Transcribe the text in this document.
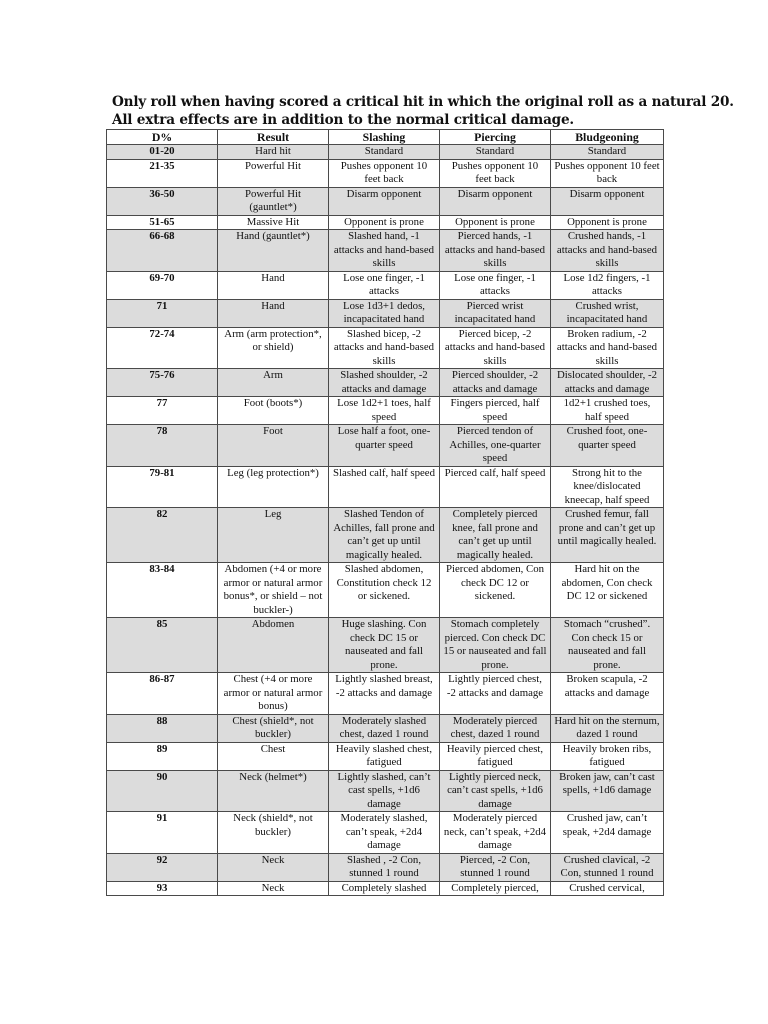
Only roll when having scored a critical hit in which the original roll as a natural 20.
All extra effects are in addition to the normal critical damage.
D%	Result	Slashing	Piercing	Bludgeoning
01-20	Hard hit	Standard	Standard	Standard
21-35	Powerful Hit	Pushes opponent 10 feet back	Pushes opponent 10 feet back	Pushes opponent 10 feet back
36-50	Powerful Hit (gauntlet*)	Disarm opponent	Disarm opponent	Disarm opponent
51-65	Massive Hit	Opponent is prone	Opponent is prone	Opponent is prone
66-68	Hand (gauntlet*)	Slashed hand, -1 attacks and hand-based skills	Pierced hands, -1 attacks and hand-based skills	Crushed hands, -1 attacks and hand-based skills
69-70	Hand	Lose one finger, -1 attacks	Lose one finger, -1 attacks	Lose 1d2 fingers, -1 attacks
71	Hand	Lose 1d3+1 dedos, incapacitated hand	Pierced wrist incapacitated hand	Crushed wrist, incapacitated hand
72-74	Arm (arm protection*, or shield)	Slashed bicep, -2 attacks and hand-based skills	Pierced bicep, -2 attacks and hand-based skills	Broken radium, -2 attacks and hand-based skills
75-76	Arm	Slashed shoulder, -2 attacks and damage	Pierced shoulder, -2 attacks and damage	Dislocated shoulder, -2 attacks and damage
77	Foot (boots*)	Lose 1d2+1 toes, half speed	Fingers pierced, half speed	1d2+1 crushed toes, half speed
78	Foot	Lose half a foot, one-quarter speed	Pierced tendon of Achilles, one-quarter speed	Crushed foot, one-quarter speed
79-81	Leg (leg protection*)	Slashed calf, half speed	Pierced calf, half speed	Strong hit to the knee/dislocated kneecap, half speed
82	Leg	Slashed Tendon of Achilles, fall prone and can’t get up until magically healed.	Completely pierced knee, fall prone and can’t get up until magically healed.	Crushed femur, fall prone and can’t get up until magically healed.
83-84	Abdomen (+4 or more armor or natural armor bonus*, or shield – not buckler-)	Slashed abdomen, Constitution check 12 or sickened.	Pierced abdomen, Con check DC 12 or sickened.	Hard hit on the abdomen, Con check DC 12 or sickened
85	Abdomen	Huge slashing. Con check DC 15 or nauseated and fall prone.	Stomach completely pierced. Con check DC 15 or nauseated and fall prone.	Stomach “crushed”. Con check 15 or nauseated and fall prone.
86-87	Chest (+4 or more armor or natural armor bonus)	Lightly slashed breast, -2 attacks and damage	Lightly pierced chest, -2 attacks and damage	Broken scapula, -2 attacks and damage
88	Chest (shield*, not buckler)	Moderately slashed chest, dazed 1 round	Moderately pierced chest, dazed 1 round	Hard hit on the sternum, dazed 1 round
89	Chest	Heavily slashed chest, fatigued	Heavily pierced chest, fatigued	Heavily broken ribs, fatigued
90	Neck (helmet*)	Lightly slashed, can’t cast spells, +1d6 damage	Lightly pierced neck, can’t cast spells, +1d6 damage	Broken jaw, can’t cast spells, +1d6 damage
91	Neck (shield*, not buckler)	Moderately slashed, can’t speak, +2d4 damage	Moderately pierced neck, can’t speak, +2d4 damage	Crushed jaw, can’t speak, +2d4 damage
92	Neck	Slashed , -2 Con, stunned 1 round	Pierced, -2 Con, stunned 1 round	Crushed clavical, -2 Con, stunned 1 round
93	Neck	Completely slashed	Completely pierced,	Crushed cervical,
